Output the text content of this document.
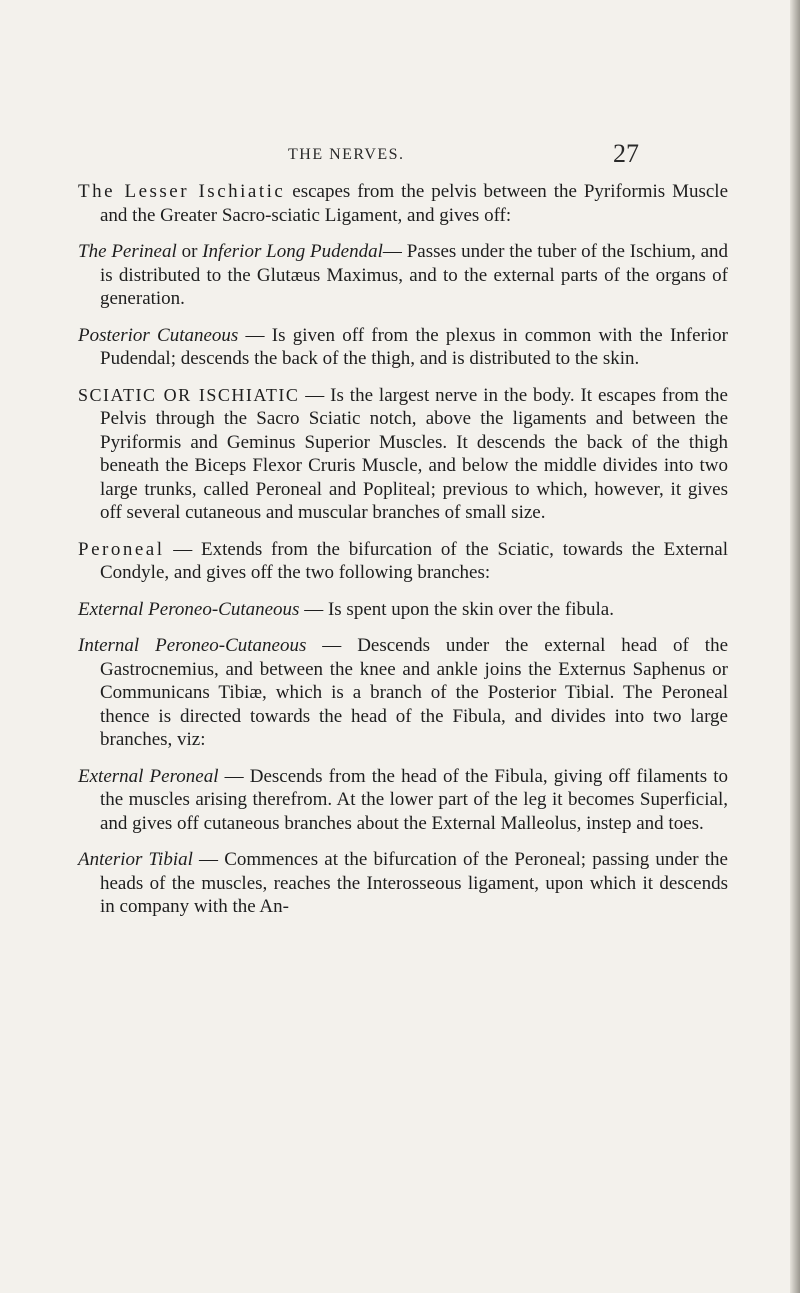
THE NERVES.	27

The Lesser Ischiatic escapes from the pelvis between the Pyriformis Muscle and the Greater Sacro-sciatic Ligament, and gives off:

The Perineal or Inferior Long Pudendal— Passes under the tuber of the Ischium, and is distributed to the Glutæus Maximus, and to the external parts of the organs of generation.

Posterior Cutaneous — Is given off from the plexus in common with the Inferior Pudendal; descends the back of the thigh, and is distributed to the skin.

SCIATIC OR ISCHIATIC — Is the largest nerve in the body. It escapes from the Pelvis through the Sacro Sciatic notch, above the ligaments and between the Pyriformis and Geminus Superior Muscles. It descends the back of the thigh beneath the Biceps Flexor Cruris Muscle, and below the middle divides into two large trunks, called Peroneal and Popliteal; previous to which, however, it gives off several cutaneous and muscular branches of small size.

Peroneal — Extends from the bifurcation of the Sciatic, towards the External Condyle, and gives off the two following branches:

External Peroneo-Cutaneous — Is spent upon the skin over the fibula.

Internal Peroneo-Cutaneous — Descends under the external head of the Gastrocnemius, and between the knee and ankle joins the Externus Saphenus or Communicans Tibiæ, which is a branch of the Posterior Tibial. The Peroneal thence is directed towards the head of the Fibula, and divides into two large branches, viz:

External Peroneal — Descends from the head of the Fibula, giving off filaments to the muscles arising therefrom. At the lower part of the leg it becomes Superficial, and gives off cutaneous branches about the External Malleolus, instep and toes.

Anterior Tibial — Commences at the bifurcation of the Peroneal; passing under the heads of the muscles, reaches the Interosseous ligament, upon which it descends in company with the An-
